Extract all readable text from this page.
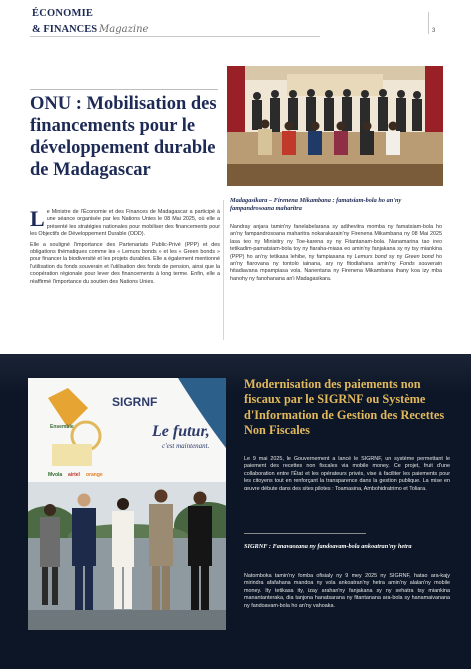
ÉCONOMIE
& FINANCES Magazine	3
ONU : Mobilisation des financements pour le développement durable de Madagascar

Le Ministre de l'Économie et des Finances de Madagascar a participé à une séance organisée par les Nations Unies le 08 Mai 2025, où elle a présenté les stratégies nationales pour mobiliser des financements pour les Objectifs de Développement Durable (ODD).

Elle a souligné l'importance des Partenariats Public-Privé (PPP) et des obligations thématiques comme les « Lemurs bonds » et les « Green bonds » pour financer la biodiversité et les projets durables. Elle a également mentionné l'utilisation du fonds souverain et l'utilisation des fonds de pension, ainsi que la coopération régionale pour lever des financements à long terme. Enfin, elle a réaffirmé l'importance du soutien des Nations Unies.

Madagasikara – Firenena Mikambana : famatsiam-bola ho an'ny fampandrosoana maharitra
Nandray anjara tamin'ny fanelabelarana sy adihevitra momba ny famatsiam-bola ho an'ny fampandrosoana maharitra nokarakarain'ny Firenena Mikambana ny 08 Mai 2025 lasa teo ny Minisitry ny Toe-karena sy ny Fitantanam-bola. Nanamarina tao ireo tetikadim-pamatsiam-bola toy ny fiaraha-miasa eo amin'ny fanjakana sy ny tsy miankina (PPP) ho an'ny tetikasa lehibe, ny fampiasana ny Lemurs bond sy ny Green bond ho an'ny fiarovana ny tontolo iainana, ary ny fitodiahana amin'ny Fonds souverain hitadiavana mpampiasa vola. Nanentana ny Firenena Mikambana ihany koa izy mba hanohy ny fanohanana an'i Madagasikara.
SIGRNF
Le futur,
c'est maintenant.
Ensemble
Mvola airtel orange
Modernisation des paiements non fiscaux par le SIGRNF ou Système d'Information de Gestion des Recettes Non Fiscales

Le 9 mai 2025, le Gouvernement a lancé le SIGRNF, un système permettant le paiement des recettes non fiscales via mobile money. Ce projet, fruit d'une collaboration entre l'État et les opérateurs privés, vise à faciliter les paiements pour les citoyens tout en renforçant la transparence dans la gestion publique. La mise en œuvre débute dans des sites pilotes : Toamasina, Ambohidratrimo et Toliara.

SIGRNF : Fanavaozana ny fandoavam-bola ankoatran'ny hetra

Natomboka tamin'ny fomba ofisialy ny 9 mey 2025 ny SIGRNF, hatao ara-kajy mirindra afafahana mandoa ny vola ankoatran'ny hetra amin'ny alalan'ny mobile money. Ity tetikasa ity, izay arahan'ny fanjakana sy ny sehatra tsy miankina manantanteraka, dia tanjona hanatsarana ny fitantanana ara-bola sy hanamaivanana ny fandoavam-bola ho an'ny vahoaka.
